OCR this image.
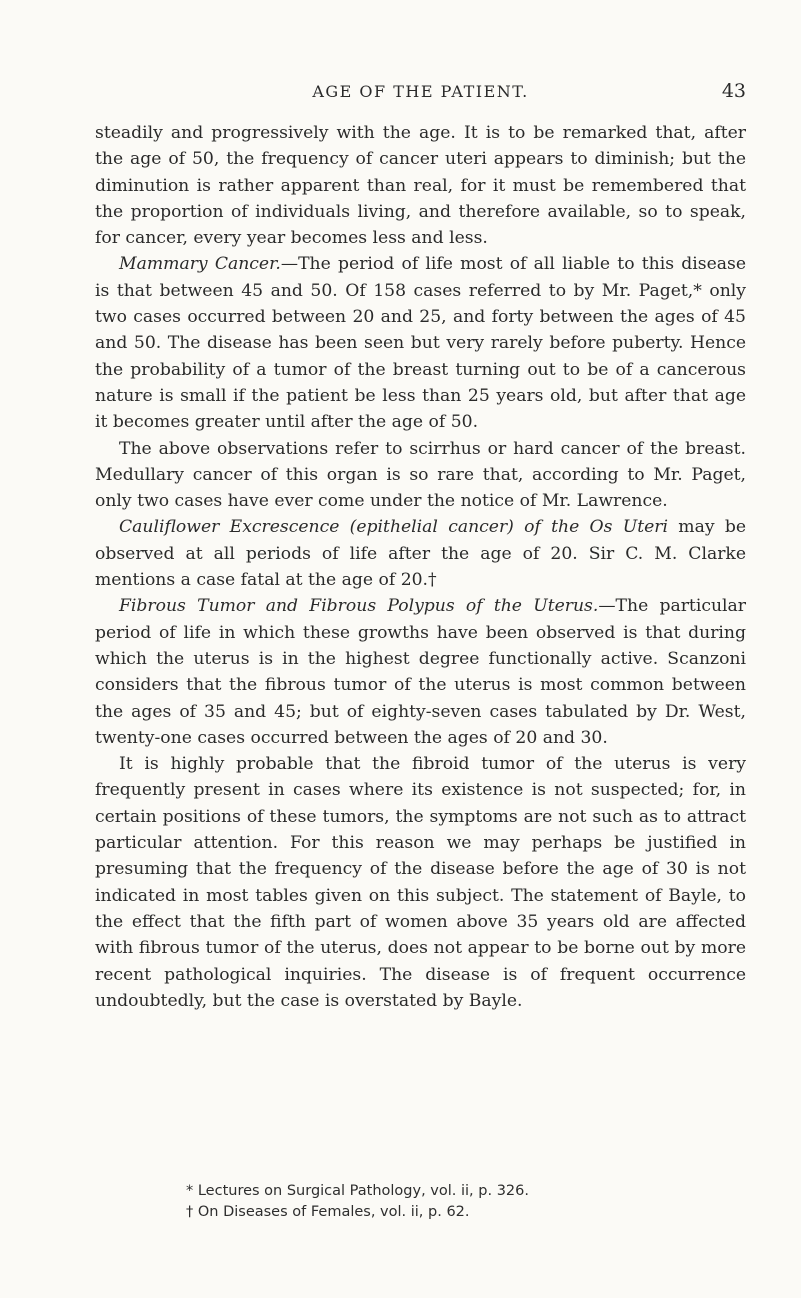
AGE OF THE PATIENT.	43

steadily and progressively with the age. It is to be remarked that, after the age of 50, the frequency of cancer uteri appears to diminish; but the diminution is rather apparent than real, for it must be remembered that the proportion of individuals living, and therefore available, so to speak, for cancer, every year becomes less and less.

Mammary Cancer.—The period of life most of all liable to this disease is that between 45 and 50. Of 158 cases referred to by Mr. Paget,* only two cases occurred between 20 and 25, and forty between the ages of 45 and 50. The disease has been seen but very rarely before puberty. Hence the probability of a tumor of the breast turning out to be of a cancerous nature is small if the patient be less than 25 years old, but after that age it becomes greater until after the age of 50.

The above observations refer to scirrhus or hard cancer of the breast. Medullary cancer of this organ is so rare that, according to Mr. Paget, only two cases have ever come under the notice of Mr. Lawrence.

Cauliflower Excrescence (epithelial cancer) of the Os Uteri may be observed at all periods of life after the age of 20. Sir C. M. Clarke mentions a case fatal at the age of 20.†

Fibrous Tumor and Fibrous Polypus of the Uterus.—The particular period of life in which these growths have been observed is that during which the uterus is in the highest degree functionally active. Scanzoni considers that the fibrous tumor of the uterus is most common between the ages of 35 and 45; but of eighty-seven cases tabulated by Dr. West, twenty-one cases occurred between the ages of 20 and 30.

It is highly probable that the fibroid tumor of the uterus is very frequently present in cases where its existence is not suspected; for, in certain positions of these tumors, the symptoms are not such as to attract particular attention. For this reason we may perhaps be justified in presuming that the frequency of the disease before the age of 30 is not indicated in most tables given on this subject. The statement of Bayle, to the effect that the fifth part of women above 35 years old are affected with fibrous tumor of the uterus, does not appear to be borne out by more recent pathological inquiries. The disease is of frequent occurrence undoubtedly, but the case is overstated by Bayle.

* Lectures on Surgical Pathology, vol. ii, p. 326.

† On Diseases of Females, vol. ii, p. 62.
